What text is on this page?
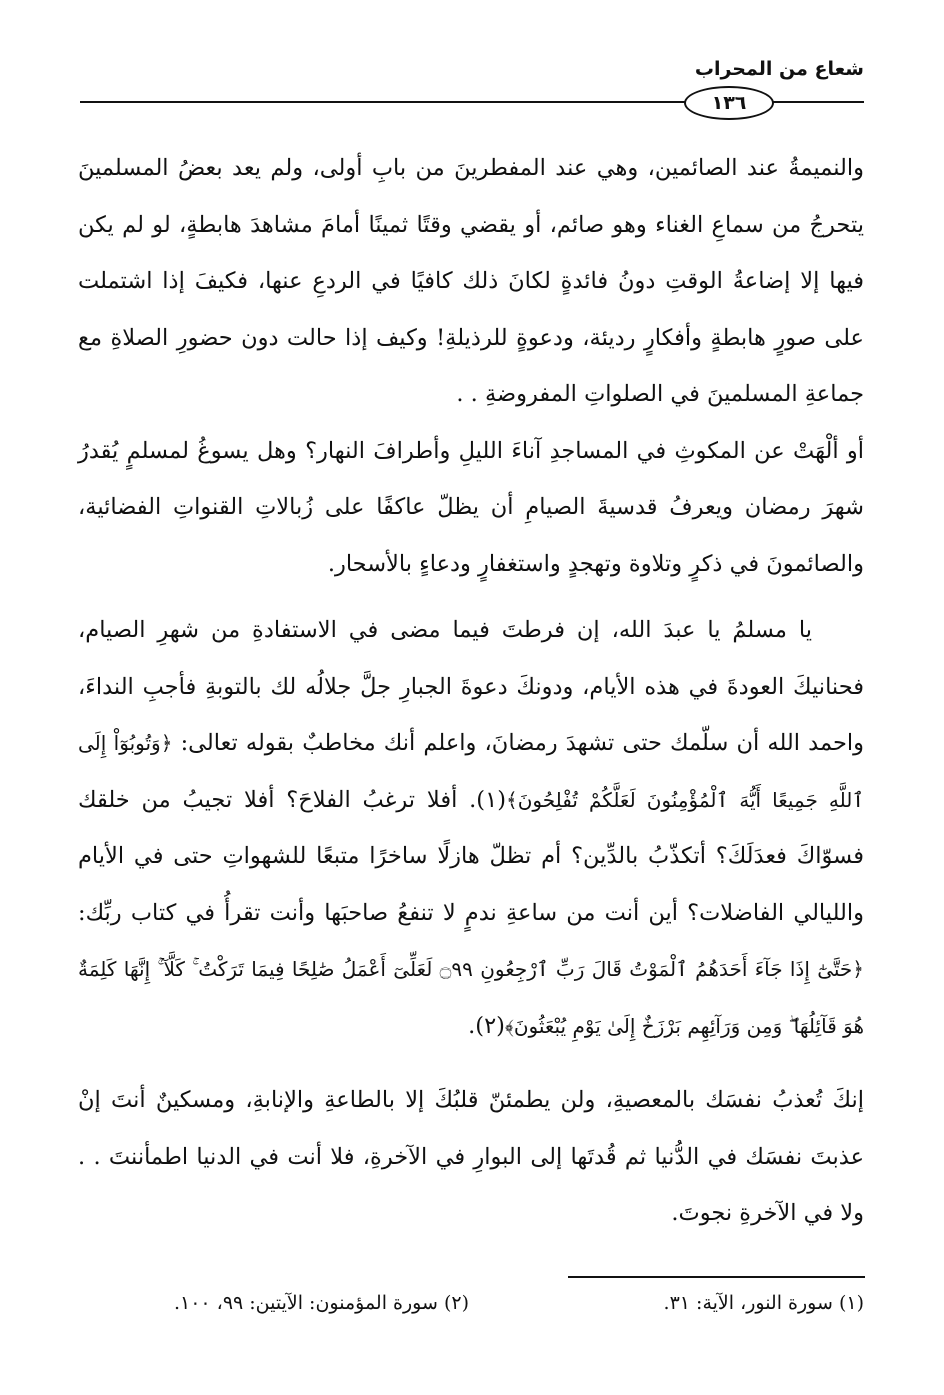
شعاع من المحراب
١٣٦

والنميمةُ عند الصائمين، وهي عند المفطرينَ من بابِ أولى، ولم يعد بعضُ المسلمينَ يتحرجُ من سماعِ الغناء وهو صائم، أو يقضي وقتًا ثمينًا أمامَ مشاهدَ هابطةٍ، لو لم يكن فيها إلا إضاعةُ الوقتِ دونُ فائدةٍ لكانَ ذلك كافيًا في الردعِ عنها، فكيفَ إذا اشتملت على صورٍ هابطةٍ وأفكارٍ رديئة، ودعوةٍ للرذيلةِ! وكيف إذا حالت دون حضورِ الصلاةِ مع جماعةِ المسلمينَ في الصلواتِ المفروضةِ . .

أو ألْهَتْ عن المكوثِ في المساجدِ آناءَ الليلِ وأطرافَ النهار؟ وهل يسوغُ لمسلمٍ يُقدرُ شهرَ رمضان ويعرفُ قدسيةَ الصيامِ أن يظلّ عاكفًا على زُبالاتِ القنواتِ الفضائية، والصائمونَ في ذكرٍ وتلاوة وتهجدٍ واستغفارٍ ودعاءٍ بالأسحار.

يا مسلمُ يا عبدَ الله، إن فرطتَ فيما مضى في الاستفادةِ من شهرِ الصيام، فحنانيكَ العودةَ في هذه الأيام، ودونكَ دعوةَ الجبارِ جلَّ جلالُه لك بالتوبةِ فأجبِ النداءَ، واحمد الله أن سلّمك حتى تشهدَ رمضانَ، واعلم أنك مخاطبٌ بقوله تعالى: ﴿وَتُوبُوٓاْ إِلَى ٱللَّهِ جَمِيعًا أَيُّهَ ٱلْمُؤْمِنُونَ لَعَلَّكُمْ تُفْلِحُونَ﴾(١). أفلا ترغبُ الفلاحَ؟ أفلا تجيبُ من خلقك فسوّاكَ فعدَلَكَ؟ أتكذّبُ بالدِّين؟ أم تظلّ هازلًا ساخرًا متبعًا للشهواتِ حتى في الأيام والليالي الفاضلات؟ أين أنت من ساعةِ ندمٍ لا تنفعُ صاحبَها وأنت تقرأُ في كتاب ربِّك: ﴿حَتَّىٰٓ إِذَا جَآءَ أَحَدَهُمُ ٱلْمَوْتُ قَالَ رَبِّ ٱرْجِعُونِ ۝٩٩ لَعَلِّىٓ أَعْمَلُ صَٰلِحًا فِيمَا تَرَكْتُ ۚ كَلَّآ ۚ إِنَّهَا كَلِمَةٌ هُوَ قَآئِلُهَا ۖ وَمِن وَرَآئِهِم بَرْزَخٌ إِلَىٰ يَوْمِ يُبْعَثُونَ﴾(٢).

إنكَ تُعذبُ نفسَك بالمعصيةِ، ولن يطمئنّ قلبُكَ إلا بالطاعةِ والإنابةِ، ومسكينٌ أنتَ إنْ عذبتَ نفسَك في الدُّنيا ثم قُدتَها إلى البوارِ في الآخرةِ، فلا أنت في الدنيا اطمأننتَ . . ولا في الآخرةِ نجوتَ.

(١) سورة النور، الآية: ٣١.
(٢) سورة المؤمنون: الآيتين: ٩٩، ١٠٠.
